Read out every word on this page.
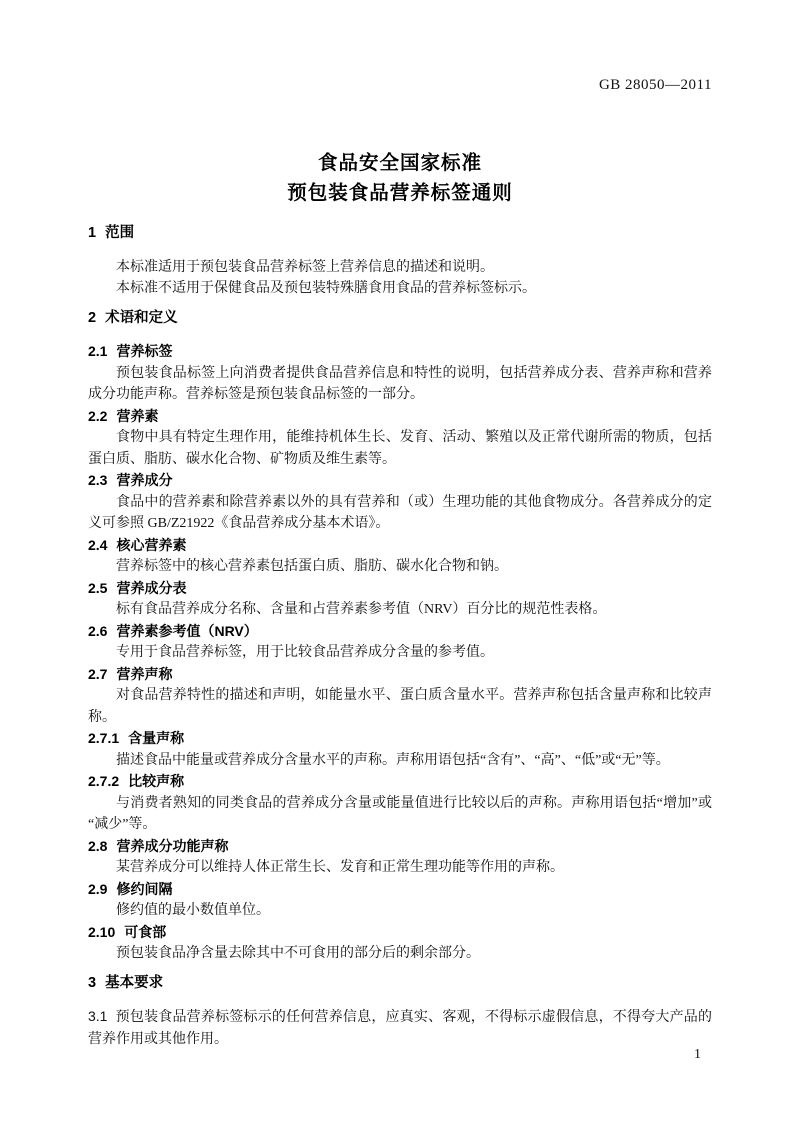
GB 28050—2011
食品安全国家标准
预包装食品营养标签通则
1 范围

本标准适用于预包装食品营养标签上营养信息的描述和说明。

本标准不适用于保健食品及预包装特殊膳食用食品的营养标签标示。

2 术语和定义
2.1 营养标签

预包装食品标签上向消费者提供食品营养信息和特性的说明，包括营养成分表、营养声称和营养成分功能声称。营养标签是预包装食品标签的一部分。

2.2 营养素

食物中具有特定生理作用，能维持机体生长、发育、活动、繁殖以及正常代谢所需的物质，包括蛋白质、脂肪、碳水化合物、矿物质及维生素等。

2.3 营养成分

食品中的营养素和除营养素以外的具有营养和（或）生理功能的其他食物成分。各营养成分的定义可参照 GB/Z21922《食品营养成分基本术语》。

2.4 核心营养素

营养标签中的核心营养素包括蛋白质、脂肪、碳水化合物和钠。

2.5 营养成分表

标有食品营养成分名称、含量和占营养素参考值（NRV）百分比的规范性表格。

2.6 营养素参考值（NRV）

专用于食品营养标签，用于比较食品营养成分含量的参考值。

2.7 营养声称

对食品营养特性的描述和声明，如能量水平、蛋白质含量水平。营养声称包括含量声称和比较声称。

2.7.1 含量声称

描述食品中能量或营养成分含量水平的声称。声称用语包括“含有”、“高”、“低”或“无”等。

2.7.2 比较声称

与消费者熟知的同类食品的营养成分含量或能量值进行比较以后的声称。声称用语包括“增加”或“减少”等。

2.8 营养成分功能声称

某营养成分可以维持人体正常生长、发育和正常生理功能等作用的声称。

2.9 修约间隔

修约值的最小数值单位。

2.10 可食部

预包装食品净含量去除其中不可食用的部分后的剩余部分。

3 基本要求

3.1 预包装食品营养标签标示的任何营养信息，应真实、客观，不得标示虚假信息，不得夸大产品的营养作用或其他作用。

1
